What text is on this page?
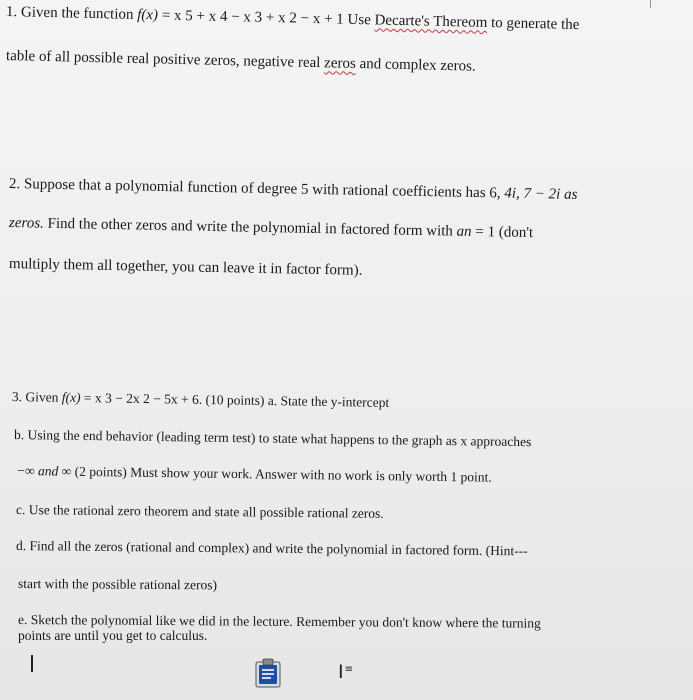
1. Given the function f(x) = x 5 + x 4 − x 3 + x 2 − x + 1 Use Decarte's Thereom to generate the
table of all possible real positive zeros, negative real zeros and complex zeros.
2. Suppose that a polynomial function of degree 5 with rational coefficients has 6, 4i, 7 − 2i as
zeros. Find the other zeros and write the polynomial in factored form with an = 1 (don't
multiply them all together, you can leave it in factor form).
3. Given f(x) = x 3 − 2x 2 − 5x + 6. (10 points) a. State the y-intercept
b. Using the end behavior (leading term test) to state what happens to the graph as x approaches
−∞ and ∞ (2 points) Must show your work. Answer with no work is only worth 1 point.
c. Use the rational zero theorem and state all possible rational zeros.
d. Find all the zeros (rational and complex) and write the polynomial in factored form. (Hint---
start with the possible rational zeros)
e. Sketch the polynomial like we did in the lecture. Remember you don't know where the turning
points are until you get to calculus.
I≡
